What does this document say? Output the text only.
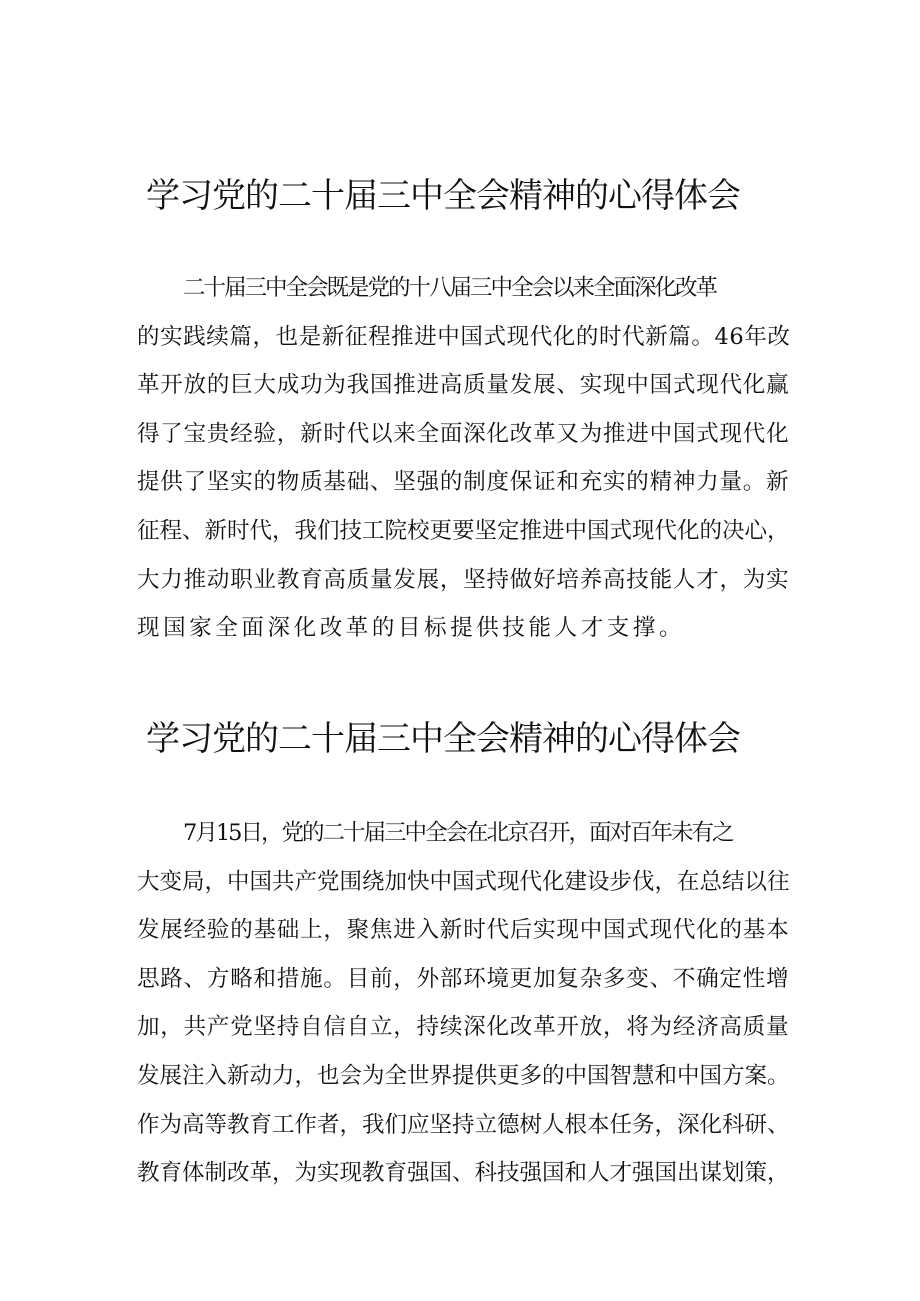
学习党的二十届三中全会精神的心得体会
二十届三中全会既是党的十八届三中全会以来全面深化改革
的实践续篇，也是新征程推进中国式现代化的时代新篇。46年改
革开放的巨大成功为我国推进高质量发展、实现中国式现代化赢
得了宝贵经验，新时代以来全面深化改革又为推进中国式现代化
提供了坚实的物质基础、坚强的制度保证和充实的精神力量。新
征程、新时代，我们技工院校更要坚定推进中国式现代化的决心，
大力推动职业教育高质量发展，坚持做好培养高技能人才，为实
现国家全面深化改革的目标提供技能人才支撑。
学习党的二十届三中全会精神的心得体会
7月15日，党的二十届三中全会在北京召开，面对百年未有之
大变局，中国共产党围绕加快中国式现代化建设步伐，在总结以往
发展经验的基础上，聚焦进入新时代后实现中国式现代化的基本
思路、方略和措施。目前，外部环境更加复杂多变、不确定性增
加，共产党坚持自信自立，持续深化改革开放，将为经济高质量
发展注入新动力，也会为全世界提供更多的中国智慧和中国方案。
作为高等教育工作者，我们应坚持立德树人根本任务，深化科研、
教育体制改革，为实现教育强国、科技强国和人才强国出谋划策，
